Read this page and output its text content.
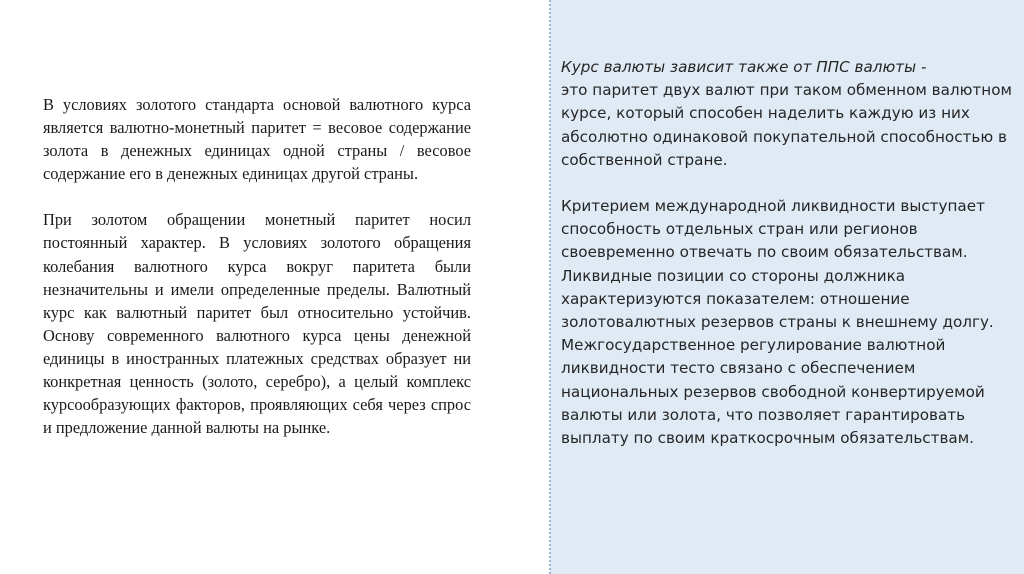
В условиях золотого стандарта основой валютного курса является валютно-монетный паритет = весовое содержание золота в денежных единицах одной страны / весовое содержание его в денежных единицах другой страны.

При золотом обращении монетный паритет носил постоянный характер. В условиях золотого обращения колебания валютного курса вокруг паритета были незначительны и имели определенные пределы. Валютный курс как валютный паритет был относительно устойчив. Основу современного валютного курса цены денежной единицы в иностранных платежных средствах образует ни конкретная ценность (золото, серебро), а целый комплекс курсообразующих факторов, проявляющих себя через спрос и предложение данной валюты на рынке.

Курс валюты зависит также от ППС валюты -
это паритет двух валют при таком обменном валютном курсе, который способен наделить каждую из них абсолютно одинаковой покупательной способностью в собственной стране.

Критерием международной ликвидности выступает способность отдельных стран или регионов своевременно отвечать по своим обязательствам.

Ликвидные позиции со стороны должника характеризуются показателем: отношение золотовалютных резервов страны к внешнему долгу. Межгосударственное регулирование валютной ликвидности тесто связано с обеспечением национальных резервов свободной конвертируемой валюты или золота, что позволяет гарантировать выплату по своим краткосрочным обязательствам.
